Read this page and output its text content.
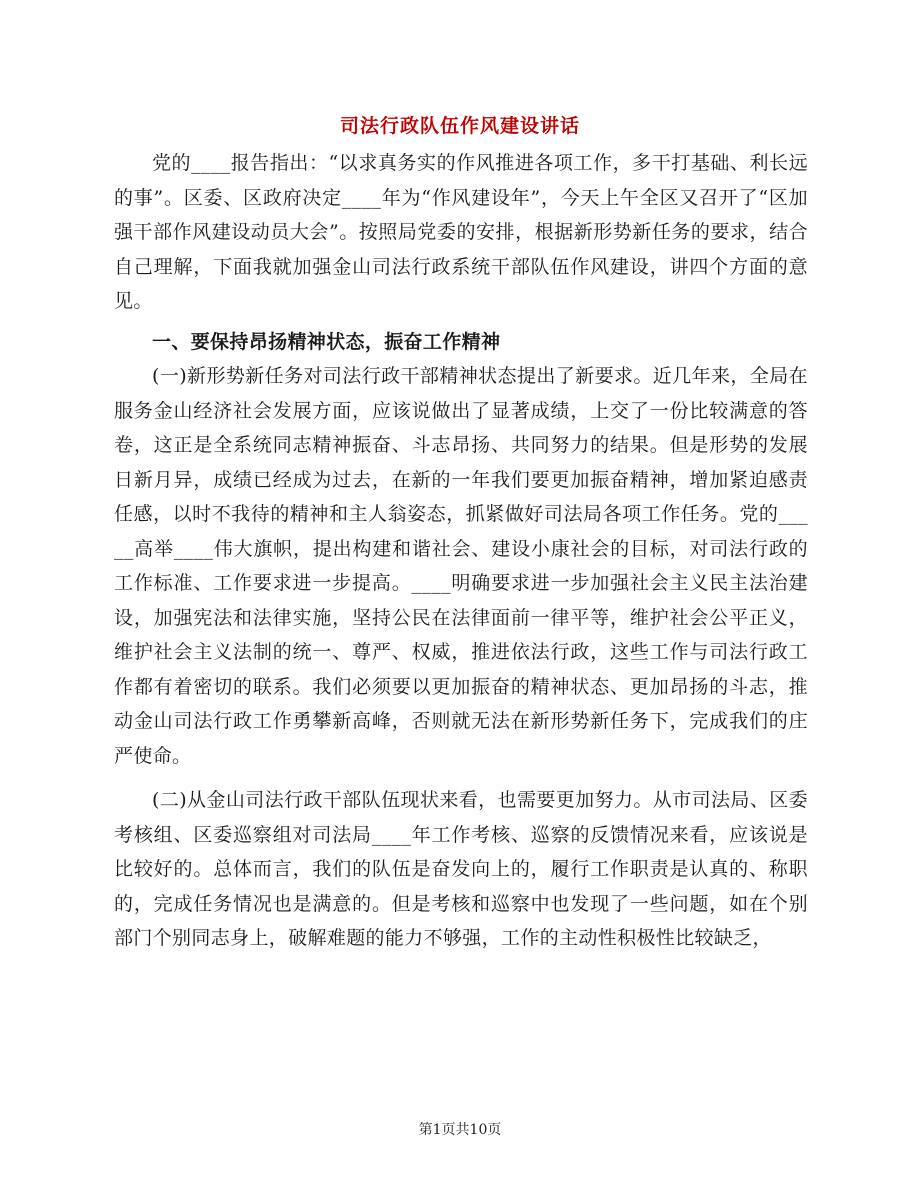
司法行政队伍作风建设讲话

党的____报告指出：“以求真务实的作风推进各项工作，多干打基础、利长远的事”。区委、区政府决定____年为“作风建设年”，今天上午全区又召开了“区加强干部作风建设动员大会”。按照局党委的安排，根据新形势新任务的要求，结合自己理解，下面我就加强金山司法行政系统干部队伍作风建设，讲四个方面的意见。

一、要保持昂扬精神状态，振奋工作精神

(一)新形势新任务对司法行政干部精神状态提出了新要求。近几年来，全局在服务金山经济社会发展方面，应该说做出了显著成绩，上交了一份比较满意的答卷，这正是全系统同志精神振奋、斗志昂扬、共同努力的结果。但是形势的发展日新月异，成绩已经成为过去，在新的一年我们要更加振奋精神，增加紧迫感责任感，以时不我待的精神和主人翁姿态，抓紧做好司法局各项工作任务。党的_____高举____伟大旗帜，提出构建和谐社会、建设小康社会的目标，对司法行政的工作标准、工作要求进一步提高。____明确要求进一步加强社会主义民主法治建设，加强宪法和法律实施，坚持公民在法律面前一律平等，维护社会公平正义，维护社会主义法制的统一、尊严、权威，推进依法行政，这些工作与司法行政工作都有着密切的联系。我们必须要以更加振奋的精神状态、更加昂扬的斗志，推动金山司法行政工作勇攀新高峰，否则就无法在新形势新任务下，完成我们的庄严使命。

(二)从金山司法行政干部队伍现状来看，也需要更加努力。从市司法局、区委考核组、区委巡察组对司法局____年工作考核、巡察的反馈情况来看，应该说是比较好的。总体而言，我们的队伍是奋发向上的，履行工作职责是认真的、称职的，完成任务情况也是满意的。但是考核和巡察中也发现了一些问题，如在个别部门个别同志身上，破解难题的能力不够强，工作的主动性积极性比较缺乏，

第1页共10页
